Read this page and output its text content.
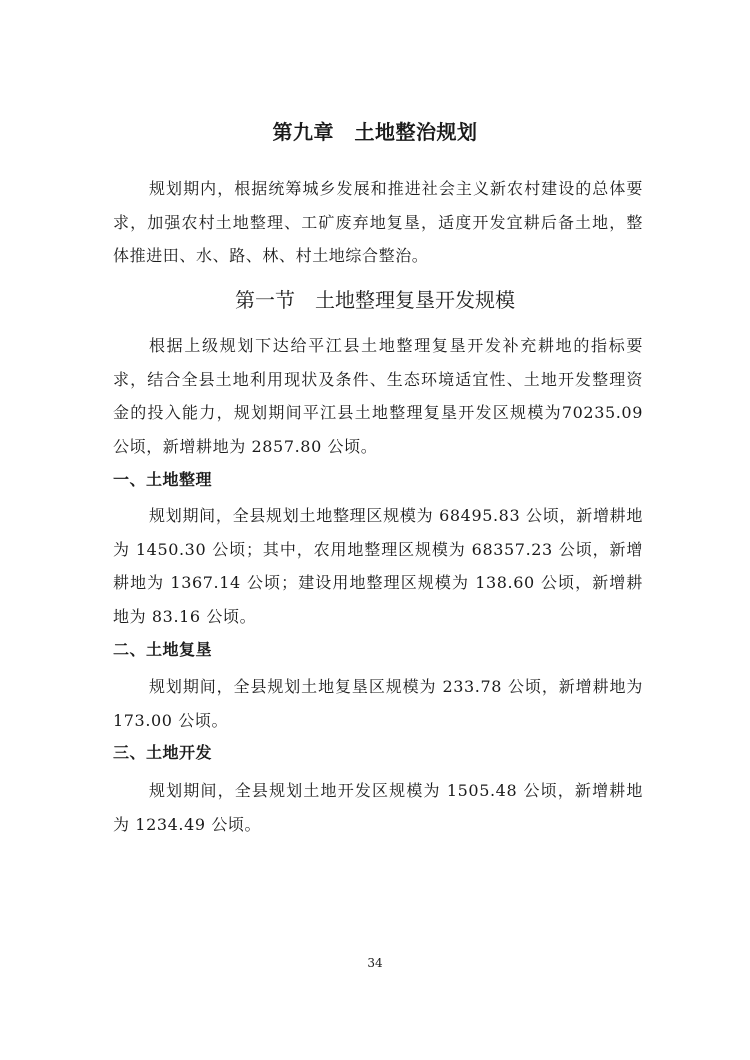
第九章　土地整治规划

规划期内，根据统筹城乡发展和推进社会主义新农村建设的总体要求，加强农村土地整理、工矿废弃地复垦，适度开发宜耕后备土地，整体推进田、水、路、林、村土地综合整治。

第一节　土地整理复垦开发规模

根据上级规划下达给平江县土地整理复垦开发补充耕地的指标要求，结合全县土地利用现状及条件、生态环境适宜性、土地开发整理资金的投入能力，规划期间平江县土地整理复垦开发区规模为70235.09 公顷，新增耕地为 2857.80 公顷。

一、土地整理

规划期间，全县规划土地整理区规模为 68495.83 公顷，新增耕地为 1450.30 公顷；其中，农用地整理区规模为 68357.23 公顷，新增耕地为 1367.14 公顷；建设用地整理区规模为 138.60 公顷，新增耕地为 83.16 公顷。

二、土地复垦

规划期间，全县规划土地复垦区规模为 233.78 公顷，新增耕地为 173.00 公顷。

三、土地开发

规划期间，全县规划土地开发区规模为 1505.48 公顷，新增耕地为 1234.49 公顷。

34
